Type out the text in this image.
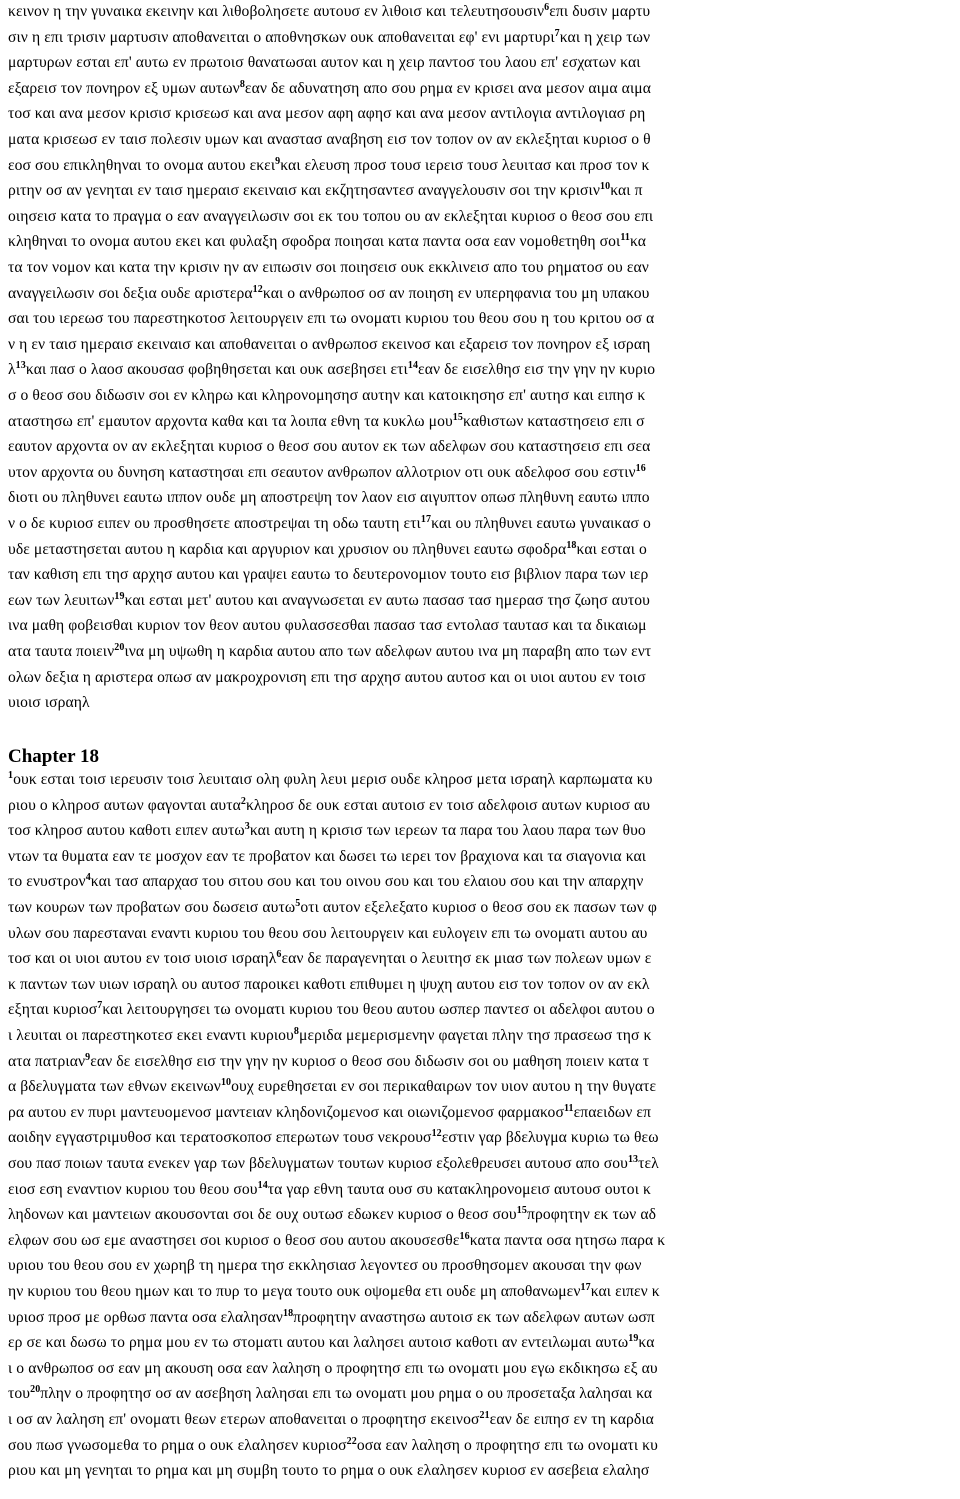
κεινον η την γυναικα εκεινην και λιθοβολησετε αυτουσ εν λιθοισ και τελευτησουσιν$^6$επι δυσιν μαρτυ
σιν η επι τρισιν μαρτυσιν αποθανειται ο αποθνησκων ουκ αποθανειται εφ' ενι μαρτυρι$^7$και η χειρ των
μαρτυρων εσται επ' αυτω εν πρωτοισ θανατωσαι αυτον και η χειρ παντοσ του λαου επ' εσχατων και
εξαρεισ τον πονηρον εξ υμων αυτων$^8$εαν δε αδυνατηση απο σου ρημα εν κρισει ανα μεσον αιμα αιμα
τοσ και ανα μεσον κρισισ κρισεωσ και ανα μεσον αφη αφησ και ανα μεσον αντιλογια αντιλογιασ ρη
ματα κρισεωσ εν ταισ πολεσιν υμων και αναστασ αναβηση εισ τον τοπον ον αν εκλεξηται κυριοσ ο θ
εοσ σου επικληθηναι το ονομα αυτου εκει$^9$και ελευση προσ τουσ ιερεισ τουσ λευιτασ και προσ τον κ
ριτην οσ αν γενηται εν ταισ ημεραισ εκειναισ και εκζητησαντεσ αναγγελουσιν σοι την κρισιν$^{10}$και π
οιησεισ κατα το πραγμα ο εαν αναγγειλωσιν σοι εκ του τοπου ου αν εκλεξηται κυριοσ ο θεοσ σου επι
κληθηναι το ονομα αυτου εκει και φυλαξη σφοδρα ποιησαι κατα παντα οσα εαν νομοθετηθη σοι$^{11}$κα
τα τον νομον και κατα την κρισιν ην αν ειπωσιν σοι ποιησεισ ουκ εκκλινεισ απο του ρηματοσ ου εαν
αναγγειλωσιν σοι δεξια ουδε αριστερα$^{12}$και ο ανθρωποσ οσ αν ποιηση εν υπερηφανια του μη υπακου
σαι του ιερεωσ του παρεστηκοτοσ λειτουργειν επι τω ονοματι κυριου του θεου σου η του κριτου οσ α
ν η εν ταισ ημεραισ εκειναισ και αποθανειται ο ανθρωποσ εκεινοσ και εξαρεισ τον πονηρον εξ ισραη
$\lambda^{13}\kappa\alpha\iota$ πασ ο λαοσ ακουσασ φοβηθησεται και ουκ ασεβησει ετι$^{14}$εαν δε εισελθησ εισ την γην ην κυριο
σ ο θεοσ σου διδωσιν σοι εν κληρω και κληρονομησησ αυτην και κατοικησησ επ' αυτησ και ειπησ κ
αταστησω επ' εμαυτον αρχοντα καθα και τα λοιπα εθνη τα κυκλω μου$^{15}$καθιστων καταστησεισ επι σ
εαυτον αρχοντα ον αν εκλεξηται κυριοσ ο θεοσ σου αυτον εκ των αδελφων σου καταστησεισ επι σεα
υτον αρχοντα ου δυνηση καταστησαι επι σεαυτον ανθρωπον αλλοτριον οτι ουκ αδελφοσ σου εστιν$^{16}$
διοτι ου πληθυνει εαυτω ιππον ουδε μη αποστρεψη τον λαον εισ αιγυπτον οπωσ πληθυνη εαυτω ιππο
ν ο δε κυριοσ ειπεν ου προσθησετε αποστρεψαι τη οδω ταυτη ετι$^{17}$και ου πληθυνει εαυτω γυναικασ ο
υδε μεταστησεται αυτου η καρδια και αργυριον και χρυσιον ου πληθυνει εαυτω σφοδρα$^{18}$και εσται ο
ταν καθιση επι τησ αρχησ αυτου και γραψει εαυτω το δευτερονομιον τουτο εισ βιβλιον παρα των ιερ
εων των λευιτων$^{19}$και εσται μετ' αυτου και αναγνωσεται εν αυτω πασασ τασ ημερασ τησ ζωησ αυτου
ινα μαθη φοβεισθαι κυριον τον θεον αυτου φυλασσεσθαι πασασ τασ εντολασ ταυτασ και τα δικαιωμ
ατα ταυτα ποιειν$^{20}$ινα μη υψωθη η καρδια αυτου απο των αδελφων αυτου ινα μη παραβη απο των εντ
ολων δεξια η αριστερα οπωσ αν μακροχρονιση επι τησ αρχησ αυτου αυτοσ και οι υιοι αυτου εν τοισ
υιοισ ισραηλ
Chapter 18
$^1$ουκ εσται τοισ ιερευσιν τοισ λευιταισ ολη φυλη λευι μερισ ουδε κληροσ μετα ισραηλ καρπωματα κυ
ριου ο κληροσ αυτων φαγονται αυτα$^2$κληροσ δε ουκ εσται αυτοισ εν τοισ αδελφοισ αυτων κυριοσ αυ
τοσ κληροσ αυτου καθοτι ειπεν αυτω$^3$και αυτη η κρισισ των ιερεων τα παρα του λαου παρα των θυο
ντων τα θυματα εαν τε μοσχον εαν τε προβατον και δωσει τω ιερει τον βραχιονα και τα σιαγονια και
το ενυστρον$^4$και τασ απαρχασ του σιτου σου και του οινου σου και του ελαιου σου και την απαρχην
των κουρων των προβατων σου δωσεισ αυτω$^5$οτι αυτον εξελεξατο κυριοσ ο θεοσ σου εκ πασων των φ
υλων σου παρεσταναι εναντι κυριου του θεου σου λειτουργειν και ευλογειν επι τω ονοματι αυτου αυ
τοσ και οι υιοι αυτου εν τοισ υιοισ ισραηλ$^6$εαν δε παραγενηται ο λευιτησ εκ μιασ των πολεων υμων ε
κ παντων των υιων ισραηλ ου αυτοσ παροικει καθοτι επιθυμει η ψυχη αυτου εισ τον τοπον ον αν εκλ
εξηται κυριοσ$^7$και λειτουργησει τω ονοματι κυριου του θεου αυτου ωσπερ παντεσ οι αδελφοι αυτου ο
ι λευιται οι παρεστηκοτεσ εκει εναντι κυριου$^8$μεριδα μεμερισμενην φαγεται πλην τησ πρασεωσ τησ κ
ατα πατριαν$^9$εαν δε εισελθησ εισ την γην ην κυριοσ ο θεοσ σου διδωσιν σοι ου μαθηση ποιειν κατα τ
α βδελυγματα των εθνων εκεινων$^{10}$ουχ ευρεθησεται εν σοι περικαθαιρων τον υιον αυτου η την θυγατε
ρα αυτου εν πυρι μαντευομενοσ μαντειαν κληδονιζομενοσ και οιωνιζομενοσ φαρμακοσ$^{11}$επαειδων επ
αοιδην εγγαστριμυθοσ και τερατοσκοποσ επερωτων τουσ νεκρουσ$^{12}$εστιν γαρ βδελυγμα κυριω τω θεω
σου πασ ποιων ταυτα ενεκεν γαρ των βδελυγματων τουτων κυριοσ εξολεθρευσει αυτουσ απο σου$^{13}$τελ
ειοσ εση εναντιον κυριου του θεου σου$^{14}$τα γαρ εθνη ταυτα ουσ συ κατακληρονομεισ αυτουσ ουτοι κ
ληδονων και μαντειων ακουσονται σοι δε ουχ ουτωσ εδωκεν κυριοσ ο θεοσ σου$^{15}$προφητην εκ των αδ
ελφων σου ωσ εμε αναστησει σοι κυριοσ ο θεοσ σου αυτου ακουσεσθε$^{16}$κατα παντα οσα ητησω παρα κ
υριου του θεου σου εν χωρηβ τη ημερα τησ εκκλησιασ λεγοντεσ ου προσθησομεν ακουσαι την φων
ην κυριου του θεου ημων και το πυρ το μεγα τουτο ουκ οψομεθα ετι ουδε μη αποθανωμεν$^{17}$και ειπεν κ
υριοσ προσ με ορθωσ παντα οσα ελαλησαν$^{18}$προφητην αναστησω αυτοισ εκ των αδελφων αυτων ωσπ
ερ σε και δωσω το ρημα μου εν τω στοματι αυτου και λαλησει αυτοισ καθοτι αν εντειλωμαι αυτω$^{19}$κα
ι ο ανθρωποσ οσ εαν μη ακουση οσα εαν λαληση ο προφητησ επι τω ονοματι μου εγω εκδικησω εξ αυ
του$^{20}$πλην ο προφητησ οσ αν ασεβηση λαλησαι επι τω ονοματι μου ρημα ο ου προσεταξα λαλησαι κα
ι οσ αν λαληση επ' ονοματι θεων ετερων αποθανειται ο προφητησ εκεινοσ$^{21}$εαν δε ειπησ εν τη καρδια
σου πωσ γνωσομεθα το ρημα ο ουκ ελαλησεν κυριοσ$^{22}$οσα εαν λαληση ο προφητησ επι τω ονοματι κυ
ριου και μη γενηται το ρημα και μη συμβη τουτο το ρημα ο ουκ ελαλησεν κυριοσ εν ασεβεια ελαλησ
